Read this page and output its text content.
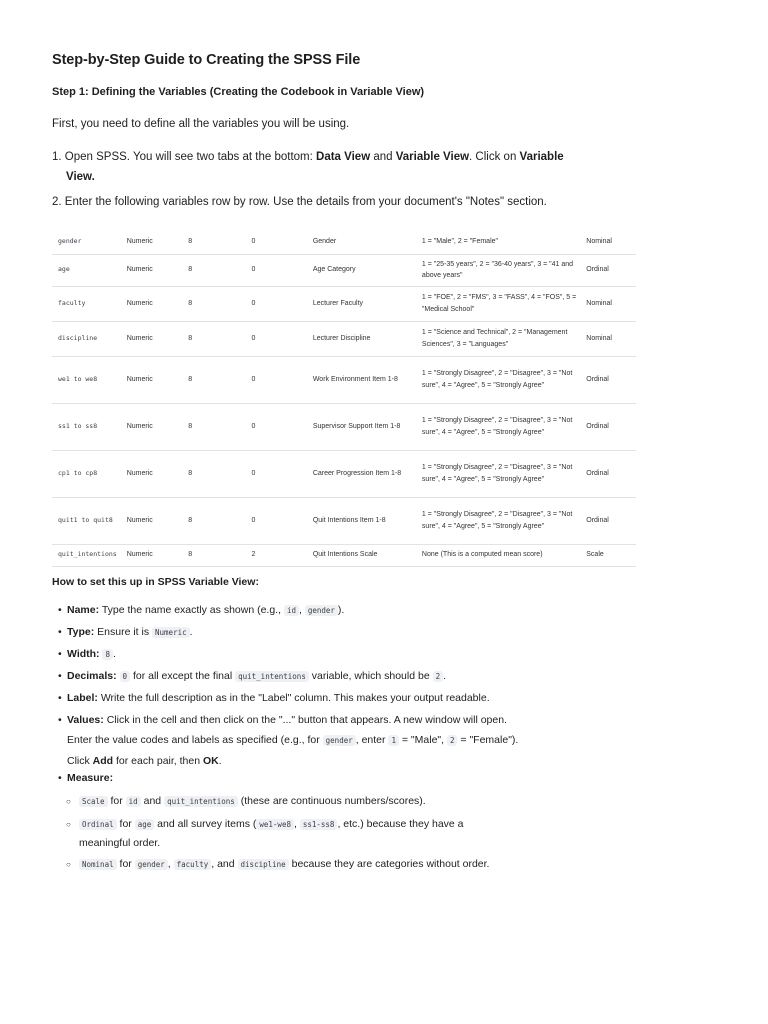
Step-by-Step Guide to Creating the SPSS File
Step 1: Defining the Variables (Creating the Codebook in Variable View)
First, you need to define all the variables you will be using.
1. Open SPSS. You will see two tabs at the bottom: Data View and Variable View. Click on Variable
View.
2. Enter the following variables row by row. Use the details from your document's "Notes" section.
gender	Numeric	8	0	Gender	1 = "Male", 2 = "Female"	Nominal
age	Numeric	8	0	Age Category	1 = "25-35 years", 2 = "36-40 years", 3 = "41 and above years"	Ordinal
faculty	Numeric	8	0	Lecturer Faculty	1 = "FOE", 2 = "FMS", 3 = "FASS", 4 = "FOS", 5 = "Medical School"	Nominal
discipline	Numeric	8	0	Lecturer Discipline	1 = "Science and Technical", 2 = "Management Sciences", 3 = "Languages"	Nominal
we1 to we8	Numeric	8	0	Work Environment Item 1-8	1 = "Strongly Disagree", 2 = "Disagree", 3 = "Not sure", 4 = "Agree", 5 = "Strongly Agree"	Ordinal
ss1 to ss8	Numeric	8	0	Supervisor Support Item 1-8	1 = "Strongly Disagree", 2 = "Disagree", 3 = "Not sure", 4 = "Agree", 5 = "Strongly Agree"	Ordinal
cp1 to cp8	Numeric	8	0	Career Progression Item 1-8	1 = "Strongly Disagree", 2 = "Disagree", 3 = "Not sure", 4 = "Agree", 5 = "Strongly Agree"	Ordinal
quit1 to quit8	Numeric	8	0	Quit Intentions Item 1-8	1 = "Strongly Disagree", 2 = "Disagree", 3 = "Not sure", 4 = "Agree", 5 = "Strongly Agree"	Ordinal
quit_intentions	Numeric	8	2	Quit Intentions Scale	None (This is a computed mean score)	Scale
How to set this up in SPSS Variable View:
• Name: Type the name exactly as shown (e.g., id , gender ).
• Type: Ensure it is Numeric .
• Width: 8 .
• Decimals: 0 for all except the final quit_intentions variable, which should be 2 .
• Label: Write the full description as in the "Label" column. This makes your output readable.
• Values: Click in the cell and then click on the "..." button that appears. A new window will open. Enter the value codes and labels as specified (e.g., for gender , enter 1 = "Male", 2 = "Female"). Click Add for each pair, then OK.
• Measure:
○	Scale for id and quit_intentions (these are continuous numbers/scores).
○	Ordinal for age and all survey items ( we1-we8 , ss1-ss8 , etc.) because they have a meaningful order.
○	Nominal for gender , faculty , and discipline because they are categories without order.
